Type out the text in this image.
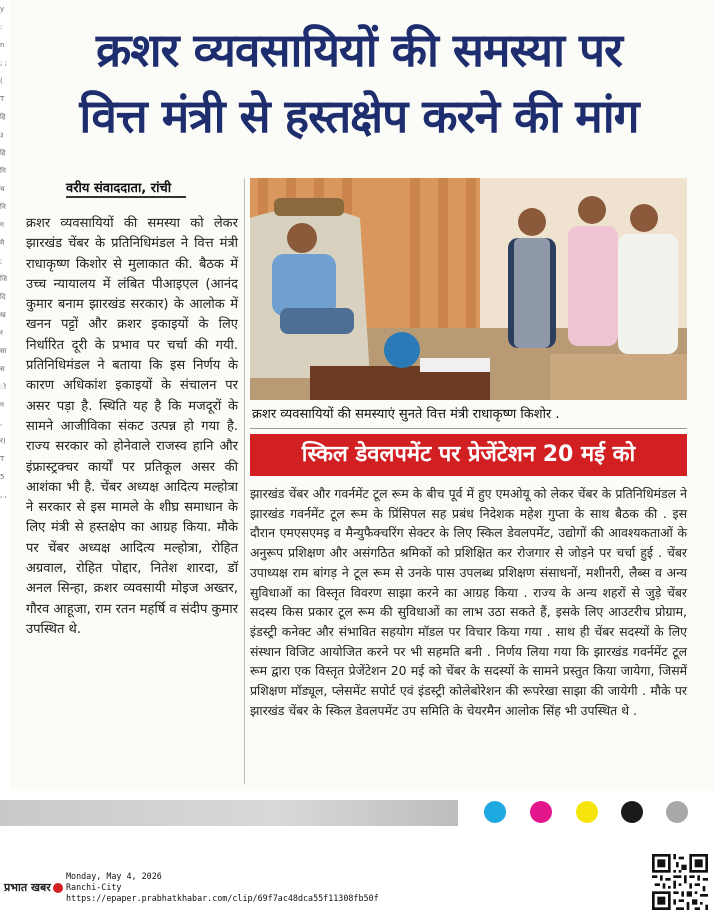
y : n ; ; ( T हि ३ हि गि च नि ग मै ; जि दि ख र सा स ो ग , र) T 5 , ,
क्रशर व्यवसायियों की समस्या पर
वित्त मंत्री से हस्तक्षेप करने की मांग
वरीय संवाददाता, रांची
क्रशर व्यवसायियों की समस्या को लेकर झारखंड चेंबर के प्रतिनिधिमंडल ने वित्त मंत्री राधाकृष्ण किशोर से मुलाकात की. बैठक में उच्च न्यायालय में लंबित पीआइएल (आनंद कुमार बनाम झारखंड सरकार) के आलोक में खनन पट्टों और क्रशर इकाइयों के लिए निर्धारित दूरी के प्रभाव पर चर्चा की गयी. प्रतिनिधिमंडल ने बताया कि इस निर्णय के कारण अधिकांश इकाइयों के संचालन पर असर पड़ा है. स्थिति यह है कि मजदूरों के सामने आजीविका संकट उत्पन्न हो गया है. राज्य सरकार को होनेवाले राजस्व हानि और इंफ्रास्ट्रक्चर कार्यों पर प्रतिकूल असर की आशंका भी है. चेंबर अध्यक्ष आदित्य मल्होत्रा ने सरकार से इस मामले के शीघ्र समाधान के लिए मंत्री से हस्तक्षेप का आग्रह किया. मौके पर चेंबर अध्यक्ष आदित्य मल्होत्रा, रोहित अग्रवाल, रोहित पोद्दार, नितेश शारदा, डॉ अनल सिन्हा, क्रशर व्यवसायी मोइज अख्तर, गौरव आहूजा, राम रतन महर्षि व संदीप कुमार उपस्थित थे.
क्रशर व्यवसायियों की समस्याएं सुनते वित्त मंत्री राधाकृष्ण किशोर .
स्किल डेवलपमेंट पर प्रेजेंटेशन 20 मई को
झारखंड चेंबर और गवर्नमेंट टूल रूम के बीच पूर्व में हुए एमओयू को लेकर चेंबर के प्रतिनिधिमंडल ने झारखंड गवर्नमेंट टूल रूम के प्रिंसिपल सह प्रबंध निदेशक महेश गुप्ता के साथ बैठक की . इस दौरान एमएसएमइ व मैन्युफैक्चरिंग सेक्टर के लिए स्किल डेवलपमेंट, उद्योगों की आवश्यकताओं के अनुरूप प्रशिक्षण और असंगठित श्रमिकों को प्रशिक्षित कर रोजगार से जोड़ने पर चर्चा हुई . चेंबर उपाध्यक्ष राम बांगड़ ने टूल रूम से उनके पास उपलब्ध प्रशिक्षण संसाधनों, मशीनरी, लैब्स व अन्य सुविधाओं का विस्तृत विवरण साझा करने का आग्रह किया . राज्य के अन्य शहरों से जुड़े चेंबर सदस्य किस प्रकार टूल रूम की सुविधाओं का लाभ उठा सकते हैं, इसके लिए आउटरीच प्रोग्राम, इंडस्ट्री कनेक्ट और संभावित सहयोग मॉडल पर विचार किया गया . साथ ही चेंबर सदस्यों के लिए संस्थान विजिट आयोजित करने पर भी सहमति बनी . निर्णय लिया गया कि झारखंड गवर्नमेंट टूल रूम द्वारा एक विस्तृत प्रेजेंटेशन 20 मई को चेंबर के सदस्यों के सामने प्रस्तुत किया जायेगा, जिसमें प्रशिक्षण मॉड्यूल, प्लेसमेंट सपोर्ट एवं इंडस्ट्री कोलेबोरेशन की रूपरेखा साझा की जायेगी . मौके पर झारखंड चेंबर के स्किल डेवलपमेंट उप समिति के चेयरमैन आलोक सिंह भी उपस्थित थे .
प्रभात खबर
Monday, May 4, 2026
Ranchi-City
https://epaper.prabhatkhabar.com/clip/69f7ac48dca55f11308fb50f
